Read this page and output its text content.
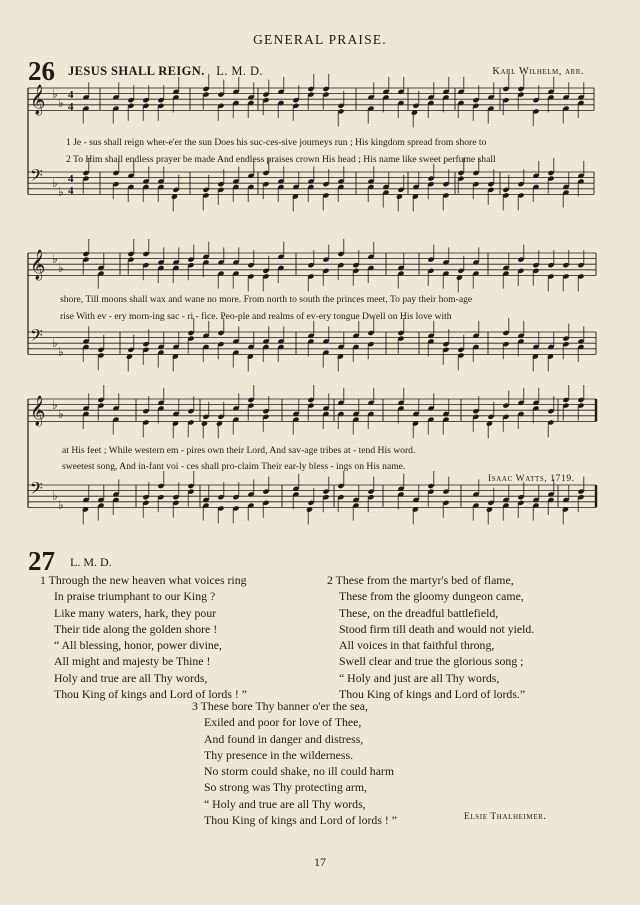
GENERAL PRAISE.
26 JESUS SHALL REIGN. L. M. D.	Karl Wilhelm, arr.
𝄞 ♭
♭
4
4
𝄢 ♭
♭
4
4
𝄞 ♭
♭
𝄢 ♭
♭
𝄞 ♭
♭
𝄢 ♭
♭
1 Je - sus shall reign wher-e'er the sun Does his suc-ces-sive journeys run ; His kingdom spread from shore to
2 To Him shall endless prayer be made And endless praises crown His head ; His name like sweet perfume shall
shore, Till moons shall wax and wane no more. From north to south the princes meet, To pay their hom-age
rise With ev - ery morn-ing sac - ri - fice. Peo-ple and realms of ev-ery tongue Dwell on His love with
at His feet ; While western em - pires own their Lord, And sav-age tribes at - tend His word.
sweetest song, And in-fant voi - ces shall pro-claim Their ear-ly bless - ings on His name.
Isaac Watts, 1719.
27 L. M. D.
1 Through the new heaven what voices ring
In praise triumphant to our King ?
Like many waters, hark, they pour
Their tide along the golden shore !
“ All blessing, honor, power divine,
All might and majesty be Thine !
Holy and true are all Thy words,
Thou King of kings and Lord of lords ! ”
2 These from the martyr's bed of flame,
These from the gloomy dungeon came,
These, on the dreadful battlefield,
Stood firm till death and would not yield.
All voices in that faithful throng,
Swell clear and true the glorious song ;
“ Holy and just are all Thy words,
Thou King of kings and Lord of lords.”
3 These bore Thy banner o'er the sea,
Exiled and poor for love of Thee,
And found in danger and distress,
Thy presence in the wilderness.
No storm could shake, no ill could harm
So strong was Thy protecting arm,
“ Holy and true are all Thy words,
Thou King of kings and Lord of lords ! ”	Elsie Thalheimer.
17
